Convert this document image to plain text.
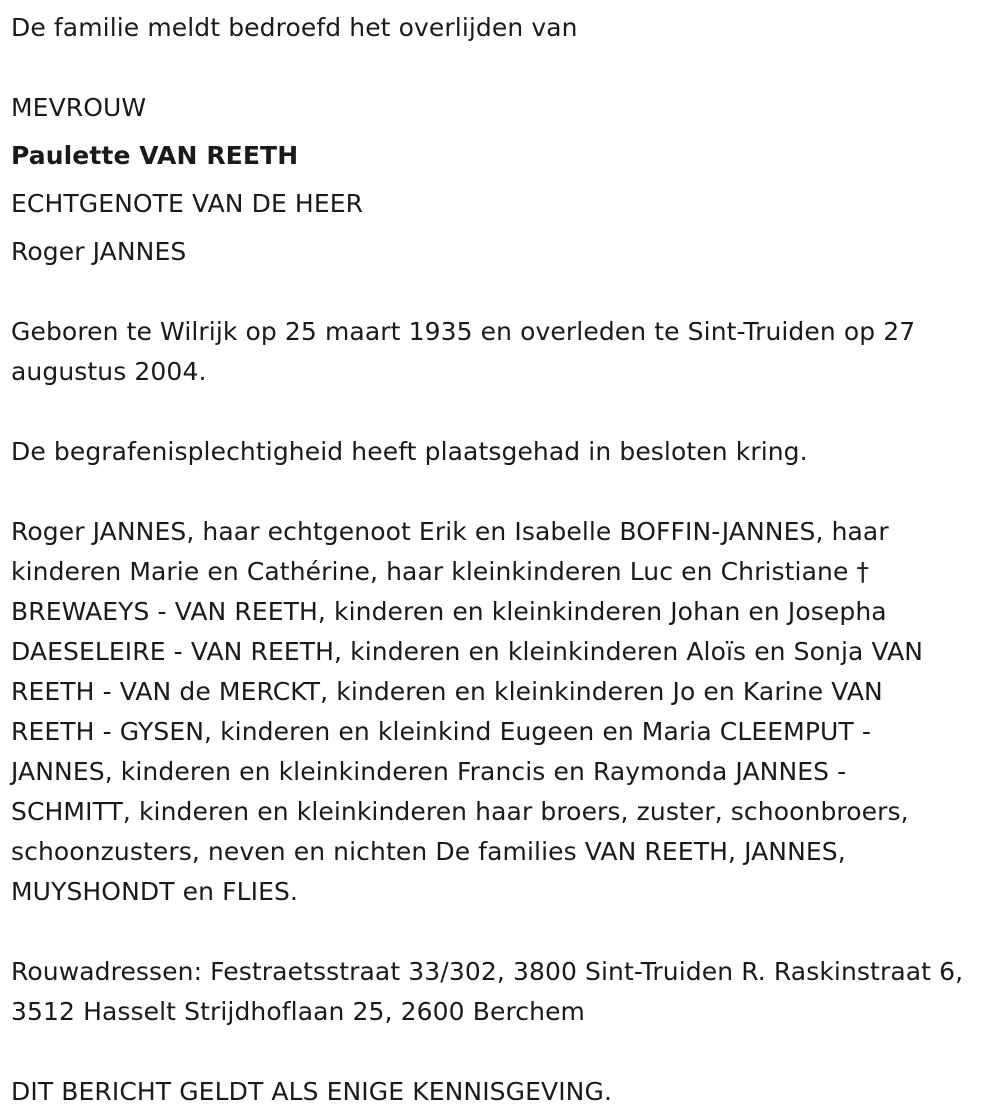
De familie meldt bedroefd het overlijden van
MEVROUW
Paulette VAN REETH
ECHTGENOTE VAN DE HEER
Roger JANNES
Geboren te Wilrijk op 25 maart 1935 en overleden te Sint-Truiden op 27 augustus 2004.
De begrafenisplechtigheid heeft plaatsgehad in besloten kring.
Roger JANNES, haar echtgenoot Erik en Isabelle BOFFIN-JANNES, haar
kinderen Marie en Cathérine, haar kleinkinderen Luc en Christiane †
BREWAEYS - VAN REETH, kinderen en kleinkinderen Johan en Josepha
DAESELEIRE - VAN REETH, kinderen en kleinkinderen Aloïs en Sonja VAN
REETH - VAN de MERCKT, kinderen en kleinkinderen Jo en Karine VAN
REETH - GYSEN, kinderen en kleinkind Eugeen en Maria CLEEMPUT -
JANNES, kinderen en kleinkinderen Francis en Raymonda JANNES -
SCHMITT, kinderen en kleinkinderen haar broers, zuster, schoonbroers,
schoonzusters, neven en nichten De families VAN REETH, JANNES,
MUYSHONDT en FLIES.
Rouwadressen: Festraetsstraat 33/302, 3800 Sint-Truiden R. Raskinstraat 6, 3512 Hasselt Strijdhoflaan 25, 2600 Berchem
DIT BERICHT GELDT ALS ENIGE KENNISGEVING.
